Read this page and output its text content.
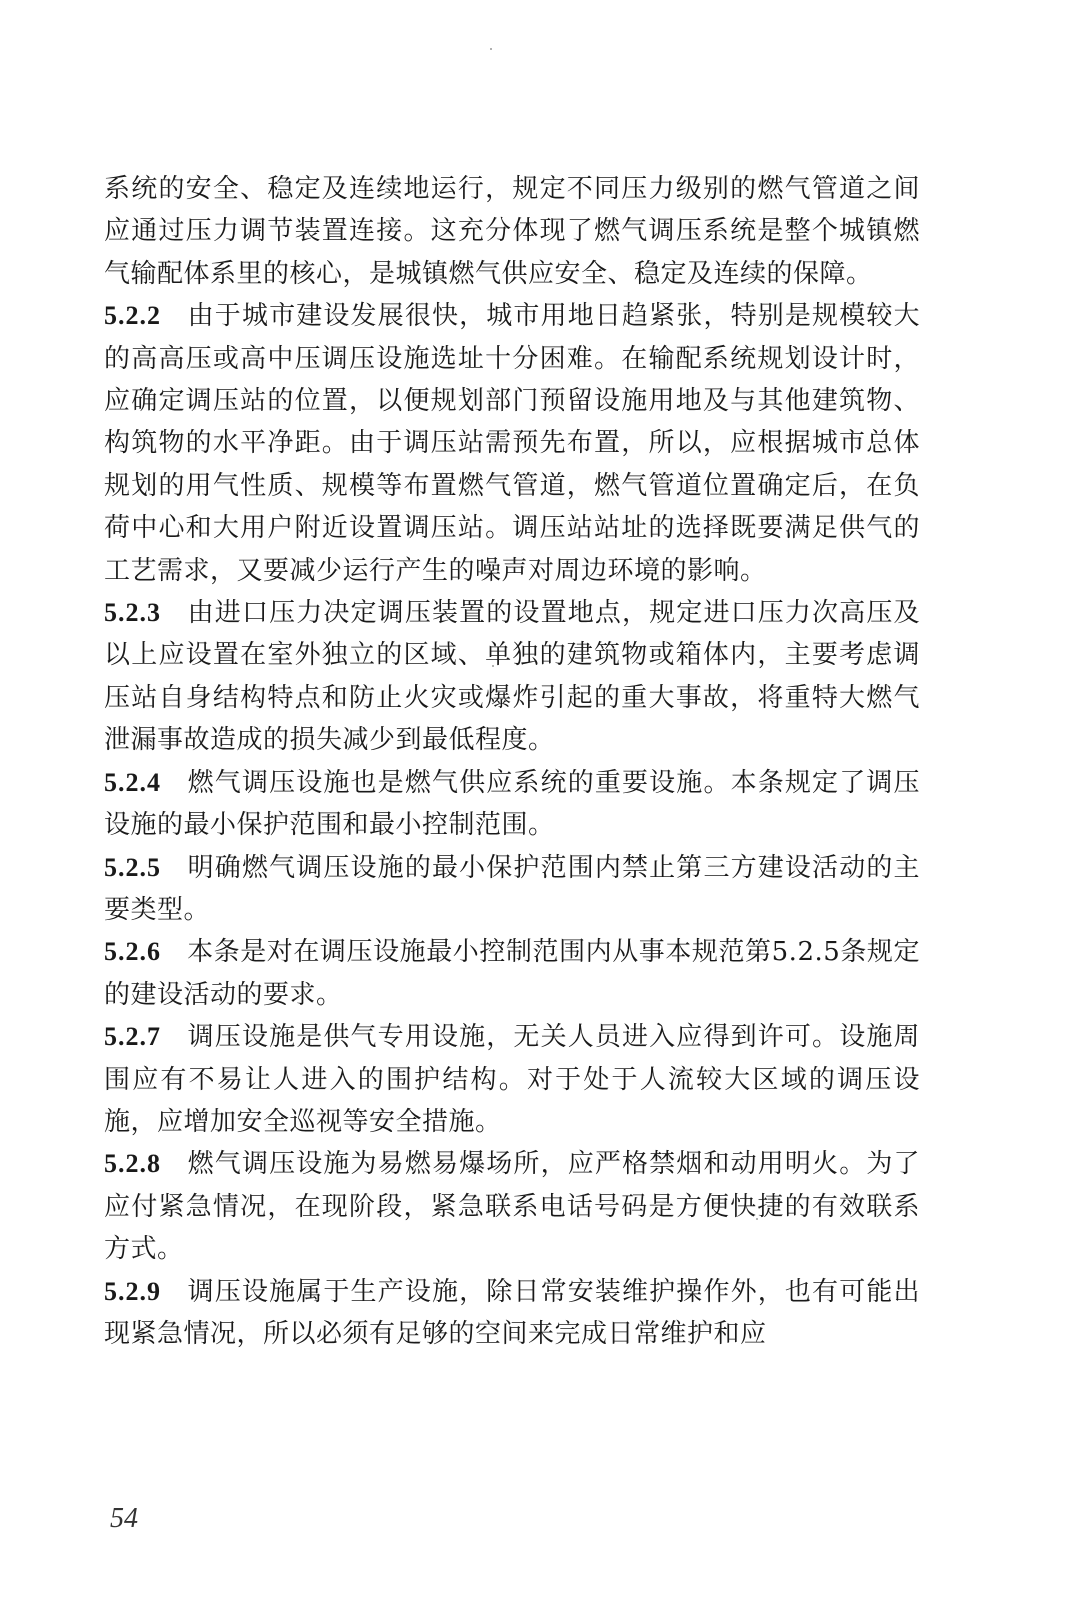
系统的安全、稳定及连续地运行，规定不同压力级别的燃气管道之间应通过压力调节装置连接。这充分体现了燃气调压系统是整个城镇燃气输配体系里的核心，是城镇燃气供应安全、稳定及连续的保障。

5.2.2 由于城市建设发展很快，城市用地日趋紧张，特别是规模较大的高高压或高中压调压设施选址十分困难。在输配系统规划设计时，应确定调压站的位置，以便规划部门预留设施用地及与其他建筑物、构筑物的水平净距。由于调压站需预先布置，所以，应根据城市总体规划的用气性质、规模等布置燃气管道，燃气管道位置确定后，在负荷中心和大用户附近设置调压站。调压站站址的选择既要满足供气的工艺需求，又要减少运行产生的噪声对周边环境的影响。

5.2.3 由进口压力决定调压装置的设置地点，规定进口压力次高压及以上应设置在室外独立的区域、单独的建筑物或箱体内，主要考虑调压站自身结构特点和防止火灾或爆炸引起的重大事故，将重特大燃气泄漏事故造成的损失减少到最低程度。

5.2.4 燃气调压设施也是燃气供应系统的重要设施。本条规定了调压设施的最小保护范围和最小控制范围。

5.2.5 明确燃气调压设施的最小保护范围内禁止第三方建设活动的主要类型。

5.2.6 本条是对在调压设施最小控制范围内从事本规范第5.2.5条规定的建设活动的要求。

5.2.7 调压设施是供气专用设施，无关人员进入应得到许可。设施周围应有不易让人进入的围护结构。对于处于人流较大区域的调压设施，应增加安全巡视等安全措施。

5.2.8 燃气调压设施为易燃易爆场所，应严格禁烟和动用明火。为了应付紧急情况，在现阶段，紧急联系电话号码是方便快捷的有效联系方式。

5.2.9 调压设施属于生产设施，除日常安装维护操作外，也有可能出现紧急情况，所以必须有足够的空间来完成日常维护和应

54
